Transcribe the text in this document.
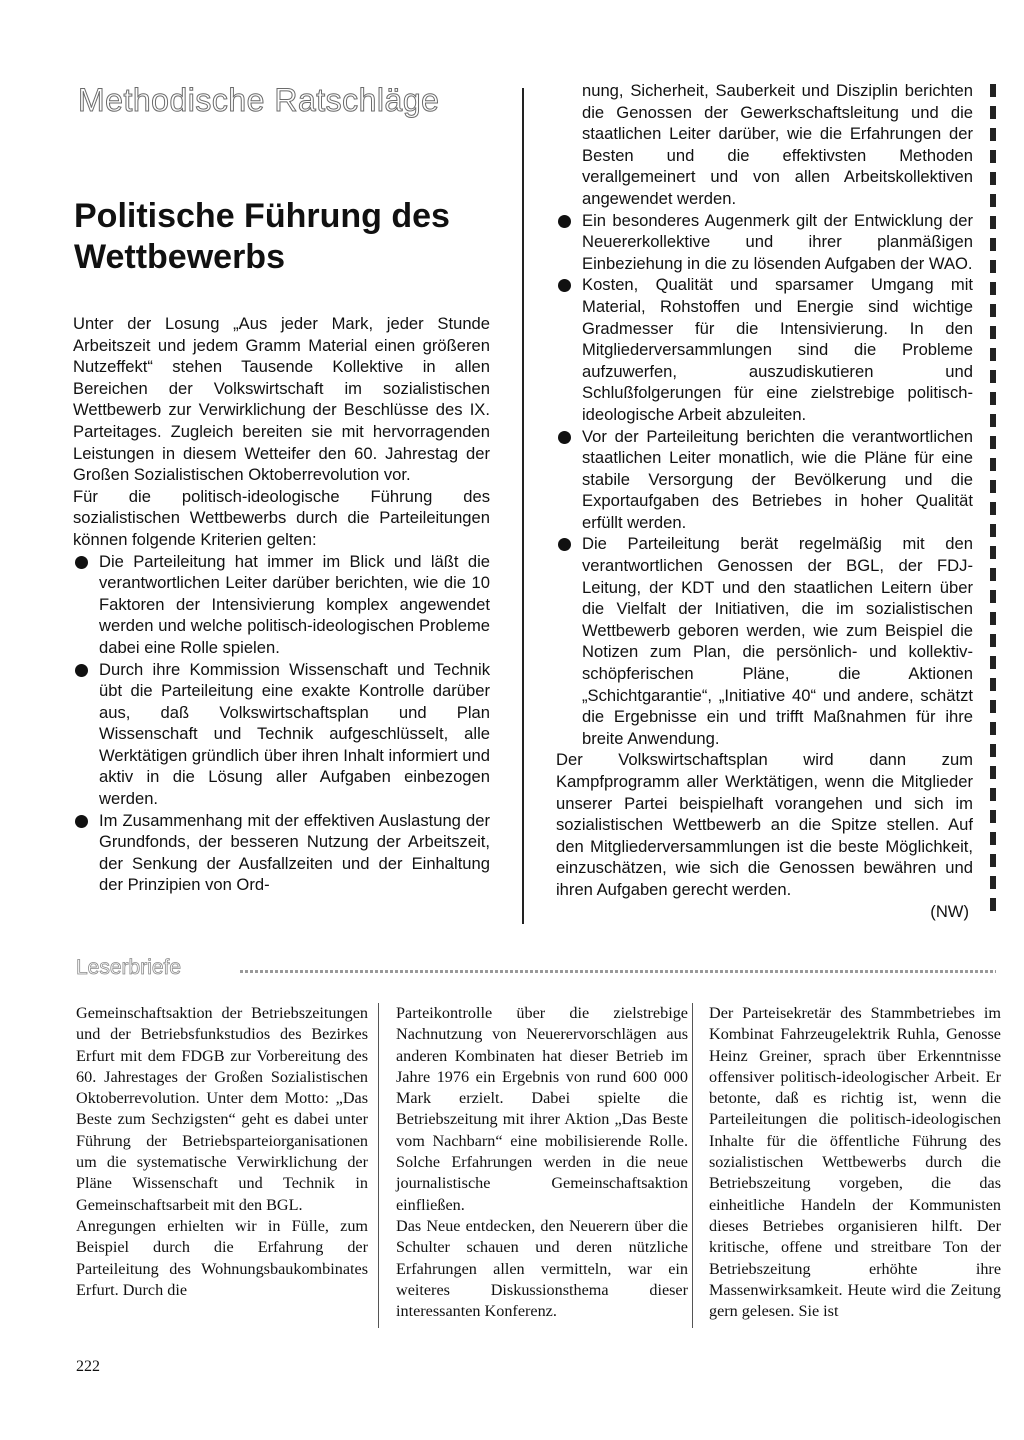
Methodische Ratschläge
Politische Führung des Wettbewerbs

Unter der Losung „Aus jeder Mark, jeder Stunde Arbeitszeit und jedem Gramm Material einen größeren Nutzeffekt“ stehen Tausende Kollektive in allen Bereichen der Volkswirtschaft im sozialistischen Wettbewerb zur Verwirklichung der Beschlüsse des IX. Parteitages. Zugleich bereiten sie mit hervorragenden Leistungen in diesem Wetteifer den 60. Jahrestag der Großen Sozialistischen Oktoberrevolution vor.

Für die politisch-ideologische Führung des sozialistischen Wettbewerbs durch die Parteileitungen können folgende Kriterien gelten:

Die Parteileitung hat immer im Blick und läßt die verantwortlichen Leiter darüber berichten, wie die 10 Faktoren der Intensivierung komplex angewendet werden und welche politisch-ideologischen Probleme dabei eine Rolle spielen.
Durch ihre Kommission Wissenschaft und Technik übt die Parteileitung eine exakte Kontrolle darüber aus, daß Volkswirtschaftsplan und Plan Wissenschaft und Technik aufgeschlüsselt, alle Werktätigen gründlich über ihren Inhalt informiert und aktiv in die Lösung aller Aufgaben einbezogen werden.
Im Zusammenhang mit der effektiven Auslastung der Grundfonds, der besseren Nutzung der Arbeitszeit, der Senkung der Ausfallzeiten und der Einhaltung der Prinzipien von Ord-

nung, Sicherheit, Sauberkeit und Disziplin berichten die Genossen der Gewerkschaftsleitung und die staatlichen Leiter darüber, wie die Erfahrungen der Besten und die effektivsten Methoden verallgemeinert und von allen Arbeitskollektiven angewendet werden.

Ein besonderes Augenmerk gilt der Entwicklung der Neuererkollektive und ihrer planmäßigen Einbeziehung in die zu lösenden Aufgaben der WAO.
Kosten, Qualität und sparsamer Umgang mit Material, Rohstoffen und Energie sind wichtige Gradmesser für die Intensivierung. In den Mitgliederversammlungen sind die Probleme aufzuwerfen, auszudiskutieren und Schlußfolgerungen für eine zielstrebige politisch-ideologische Arbeit abzuleiten.
Vor der Parteileitung berichten die verantwortlichen staatlichen Leiter monatlich, wie die Pläne für eine stabile Versorgung der Bevölkerung und die Exportaufgaben des Betriebes in hoher Qualität erfüllt werden.
Die Parteileitung berät regelmäßig mit den verantwortlichen Genossen der BGL, der FDJ-Leitung, der KDT und den staatlichen Leitern über die Vielfalt der Initiativen, die im sozialistischen Wettbewerb geboren werden, wie zum Beispiel die Notizen zum Plan, die persönlich- und kollektiv-schöpferischen Pläne, die Aktionen „Schichtgarantie“, „Initiative 40“ und andere, schätzt die Ergebnisse ein und trifft Maßnahmen für ihre breite Anwendung.

Der Volkswirtschaftsplan wird dann zum Kampfprogramm aller Werktätigen, wenn die Mitglieder unserer Partei beispielhaft vorangehen und sich im sozialistischen Wettbewerb an die Spitze stellen. Auf den Mitgliederversammlungen ist die beste Möglichkeit, einzuschätzen, wie sich die Genossen bewähren und ihren Aufgaben gerecht werden.

(NW)

Leserbriefe

Gemeinschaftsaktion der Betriebszeitungen und der Betriebsfunkstudios des Bezirkes Erfurt mit dem FDGB zur Vorbereitung des 60. Jahrestages der Großen Sozialistischen Oktoberrevolution. Unter dem Motto: „Das Beste zum Sechzigsten“ geht es dabei unter Führung der Betriebsparteiorganisationen um die systematische Verwirklichung der Pläne Wissenschaft und Technik in Gemeinschaftsarbeit mit den BGL.

Anregungen erhielten wir in Fülle, zum Beispiel durch die Erfahrung der Parteileitung des Wohnungsbaukombinates Erfurt. Durch die

Parteikontrolle über die zielstrebige Nachnutzung von Neuerervorschlägen aus anderen Kombinaten hat dieser Betrieb im Jahre 1976 ein Ergebnis von rund 600 000 Mark erzielt. Dabei spielte die Betriebszeitung mit ihrer Aktion „Das Beste vom Nachbarn“ eine mobilisierende Rolle. Solche Erfahrungen werden in die neue journalistische Gemeinschaftsaktion einfließen.

Das Neue entdecken, den Neuerern über die Schulter schauen und deren nützliche Erfahrungen allen vermitteln, war ein weiteres Diskussionsthema dieser interessanten Konferenz.

Der Parteisekretär des Stammbetriebes im Kombinat Fahrzeugelektrik Ruhla, Genosse Heinz Greiner, sprach über Erkenntnisse offensiver politisch-ideologischer Arbeit. Er betonte, daß es richtig ist, wenn die Parteileitungen die politisch-ideologischen Inhalte für die öffentliche Führung des sozialistischen Wettbewerbs durch die Betriebszeitung vorgeben, die das einheitliche Handeln der Kommunisten dieses Betriebes organisieren hilft. Der kritische, offene und streitbare Ton der Betriebszeitung erhöhte ihre Massenwirksamkeit. Heute wird die Zeitung gern gelesen. Sie ist

222
